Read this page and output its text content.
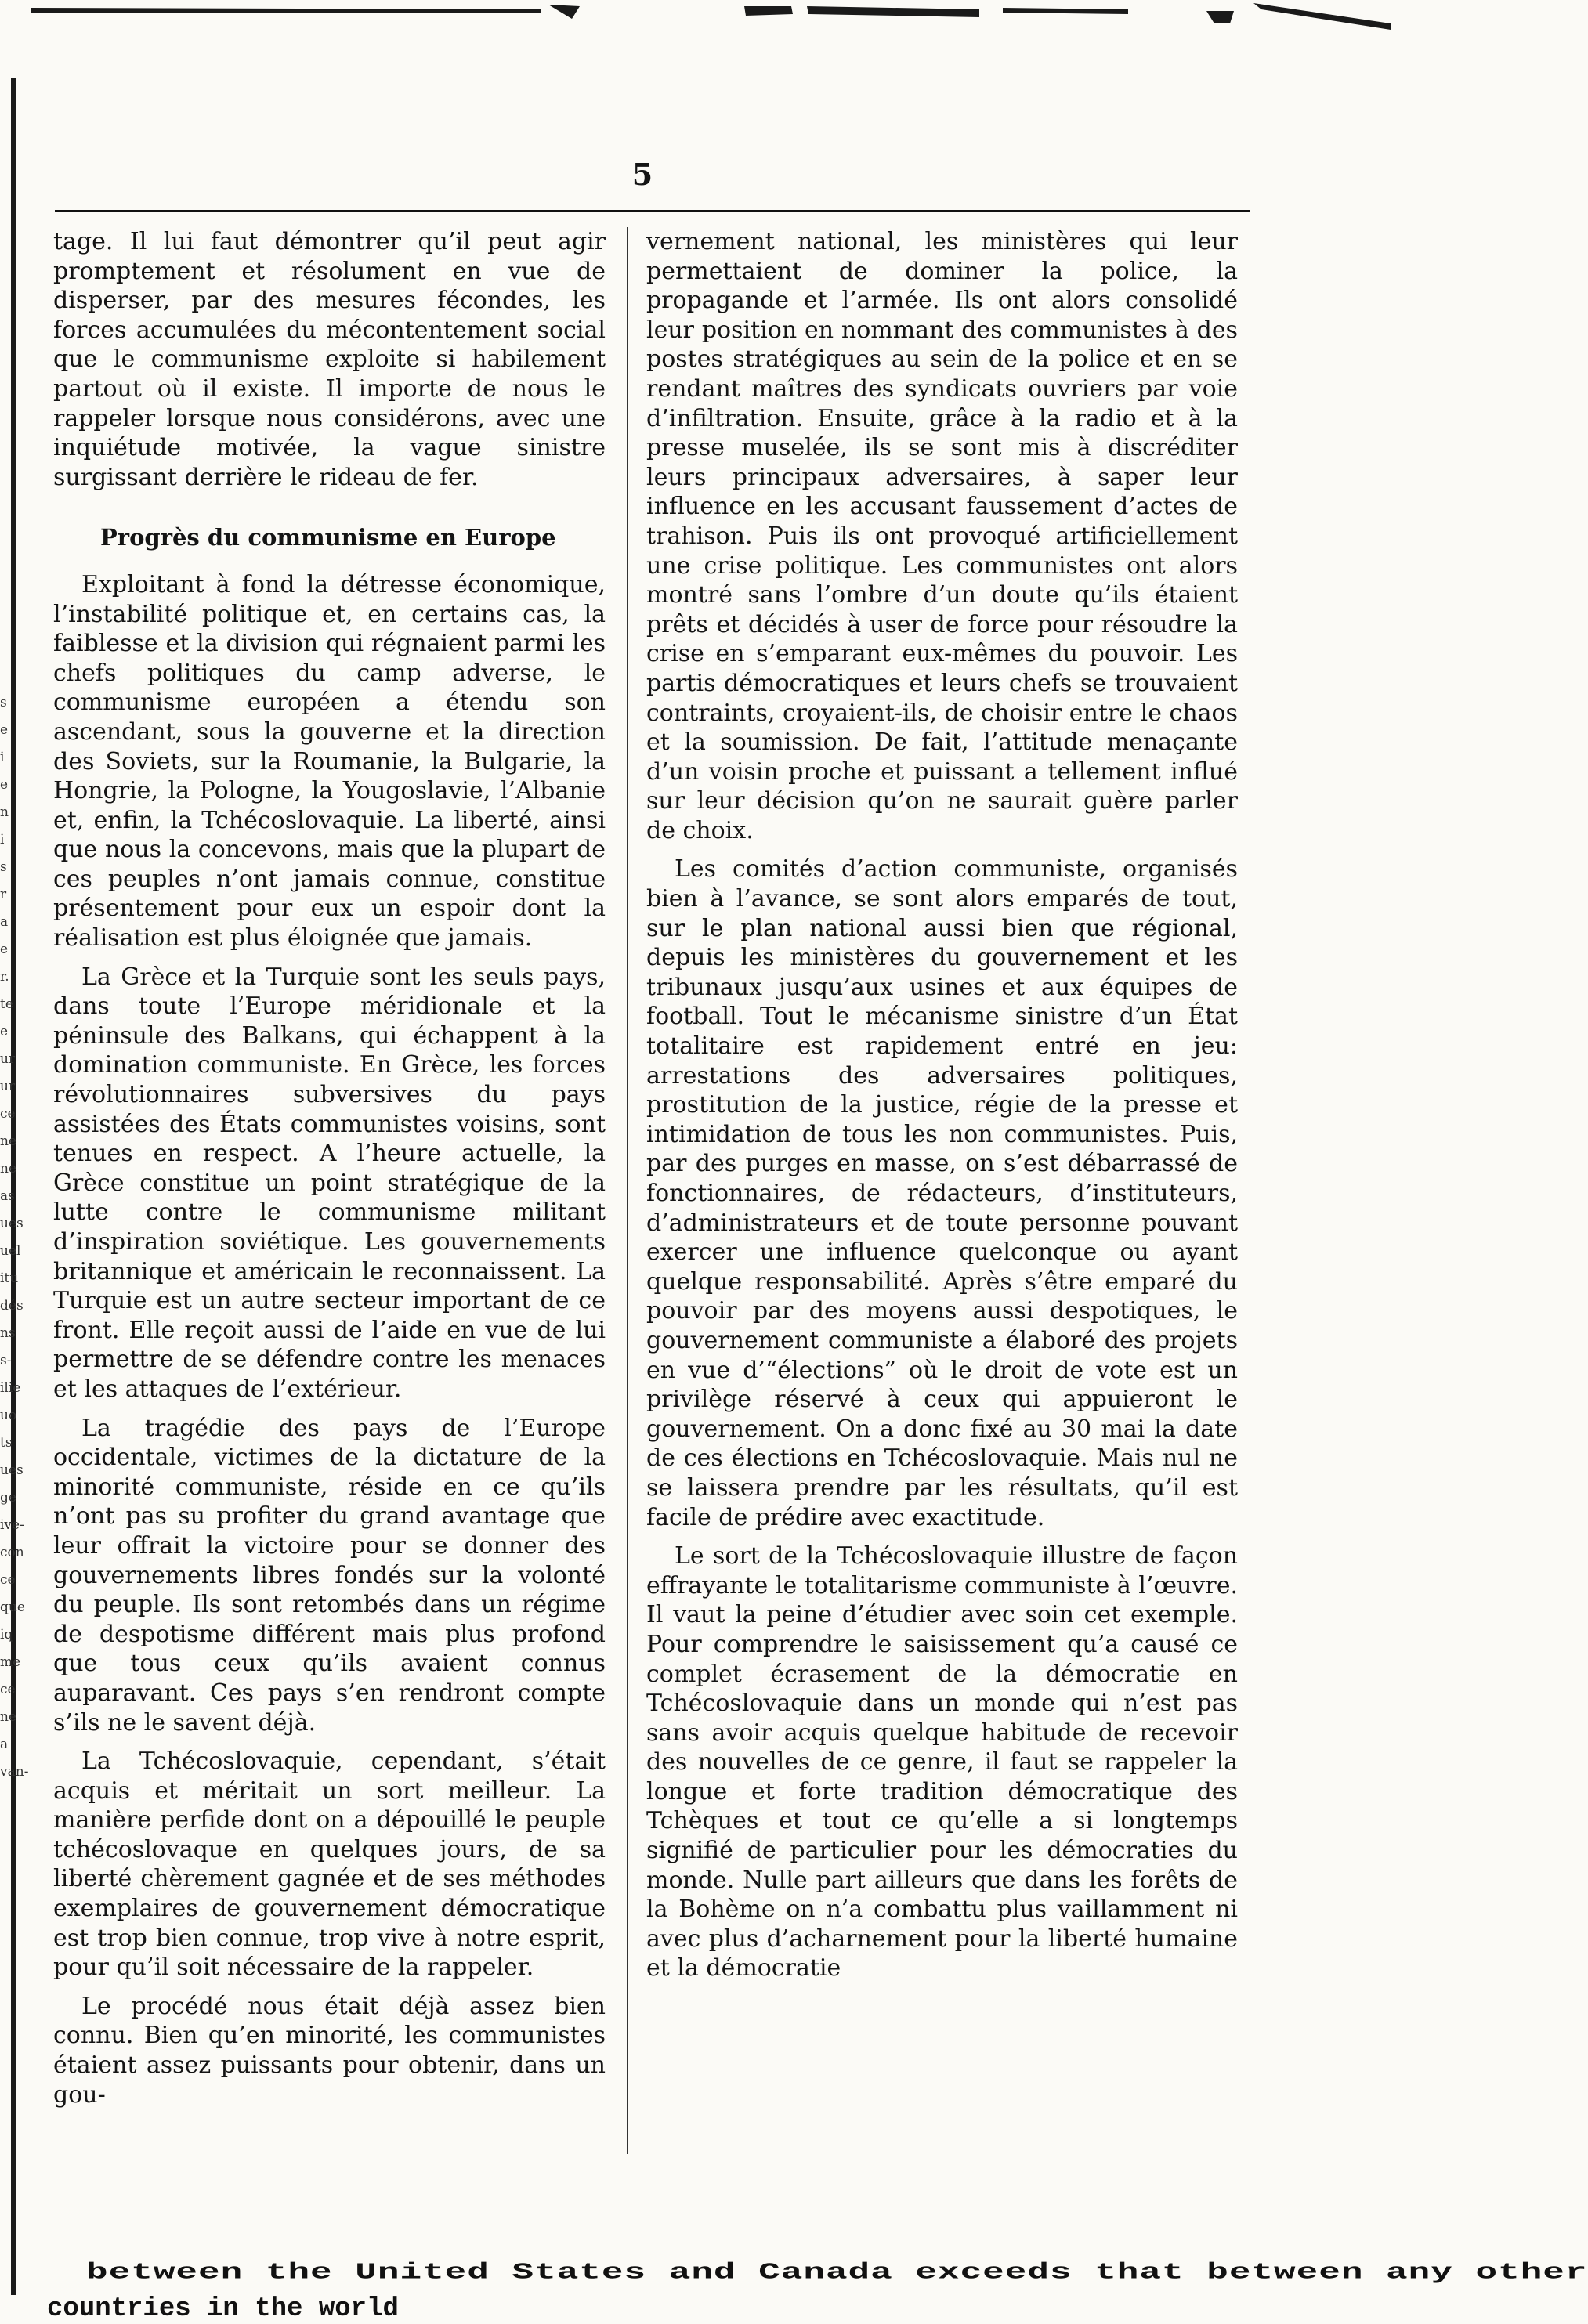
s
e
i
e
n
i
s
r
a
e
r.
te
e
ur
ur
ce
ne
ne
as
ues
uel
itu
dés
ns
s-
ilie
uo
ts
ues
ge
ive-
con
ce
que
iq
me
ce
ne
a
van-
5

tage. Il lui faut démontrer qu’il peut agir promptement et résolument en vue de disperser, par des mesures fécondes, les forces accumulées du mécontentement social que le communisme exploite si habilement partout où il existe. Il importe de nous le rappeler lorsque nous considérons, avec une inquiétude motivée, la vague sinistre surgissant derrière le rideau de fer.

Progrès du communisme en Europe

Exploitant à fond la détresse économique, l’instabilité politique et, en certains cas, la faiblesse et la division qui régnaient parmi les chefs politiques du camp adverse, le communisme européen a étendu son ascendant, sous la gouverne et la direction des Soviets, sur la Roumanie, la Bulgarie, la Hongrie, la Pologne, la Yougoslavie, l’Albanie et, enfin, la Tchécoslovaquie. La liberté, ainsi que nous la concevons, mais que la plupart de ces peuples n’ont jamais connue, constitue présentement pour eux un espoir dont la réalisation est plus éloignée que jamais.

La Grèce et la Turquie sont les seuls pays, dans toute l’Europe méridionale et la péninsule des Balkans, qui échappent à la domination communiste. En Grèce, les forces révolutionnaires subversives du pays assistées des États communistes voisins, sont tenues en respect. A l’heure actuelle, la Grèce constitue un point stratégique de la lutte contre le communisme militant d’inspiration soviétique. Les gouvernements britannique et américain le reconnaissent. La Turquie est un autre secteur important de ce front. Elle reçoit aussi de l’aide en vue de lui permettre de se défendre contre les menaces et les attaques de l’extérieur.

La tragédie des pays de l’Europe occidentale, victimes de la dictature de la minorité communiste, réside en ce qu’ils n’ont pas su profiter du grand avantage que leur offrait la victoire pour se donner des gouvernements libres fondés sur la volonté du peuple. Ils sont retombés dans un régime de despotisme différent mais plus profond que tous ceux qu’ils avaient connus auparavant. Ces pays s’en rendront compte s’ils ne le savent déjà.

La Tchécoslovaquie, cependant, s’était acquis et méritait un sort meilleur. La manière perfide dont on a dépouillé le peuple tchécoslovaque en quelques jours, de sa liberté chèrement gagnée et de ses méthodes exemplaires de gouvernement démocratique est trop bien connue, trop vive à notre esprit, pour qu’il soit nécessaire de la rappeler.

Le procédé nous était déjà assez bien connu. Bien qu’en minorité, les communistes étaient assez puissants pour obtenir, dans un gou-

vernement national, les ministères qui leur permettaient de dominer la police, la propagande et l’armée. Ils ont alors consolidé leur position en nommant des communistes à des postes stratégiques au sein de la police et en se rendant maîtres des syndicats ouvriers par voie d’infiltration. Ensuite, grâce à la radio et à la presse muselée, ils se sont mis à discréditer leurs principaux adversaires, à saper leur influence en les accusant faussement d’actes de trahison. Puis ils ont provoqué artificiellement une crise politique. Les communistes ont alors montré sans l’ombre d’un doute qu’ils étaient prêts et décidés à user de force pour résoudre la crise en s’emparant eux-mêmes du pouvoir. Les partis démocratiques et leurs chefs se trouvaient contraints, croyaient-ils, de choisir entre le chaos et la soumission. De fait, l’attitude menaçante d’un voisin proche et puissant a tellement influé sur leur décision qu’on ne saurait guère parler de choix.

Les comités d’action communiste, organisés bien à l’avance, se sont alors emparés de tout, sur le plan national aussi bien que régional, depuis les ministères du gouvernement et les tribunaux jusqu’aux usines et aux équipes de football. Tout le mécanisme sinistre d’un État totalitaire est rapidement entré en jeu: arrestations des adversaires politiques, prostitution de la justice, régie de la presse et intimidation de tous les non communistes. Puis, par des purges en masse, on s’est débarrassé de fonctionnaires, de rédacteurs, d’instituteurs, d’administrateurs et de toute personne pouvant exercer une influence quelconque ou ayant quelque responsabilité. Après s’être emparé du pouvoir par des moyens aussi despotiques, le gouvernement communiste a élaboré des projets en vue d’“élections” où le droit de vote est un privilège réservé à ceux qui appuieront le gouvernement. On a donc fixé au 30 mai la date de ces élections en Tchécoslovaquie. Mais nul ne se laissera prendre par les résultats, qu’il est facile de prédire avec exactitude.

Le sort de la Tchécoslovaquie illustre de façon effrayante le totalitarisme communiste à l’œuvre. Il vaut la peine d’étudier avec soin cet exemple. Pour comprendre le saisissement qu’a causé ce complet écrasement de la démocratie en Tchécoslovaquie dans un monde qui n’est pas sans avoir acquis quelque habitude de recevoir des nouvelles de ce genre, il faut se rappeler la longue et forte tradition démocratique des Tchèques et tout ce qu’elle a si longtemps signifié de particulier pour les démocraties du monde. Nulle part ailleurs que dans les forêts de la Bohème on n’a combattu plus vaillamment ni avec plus d’acharnement pour la liberté humaine et la démocratie

between the United States and Canada exceeds that between any other
countries in the world
